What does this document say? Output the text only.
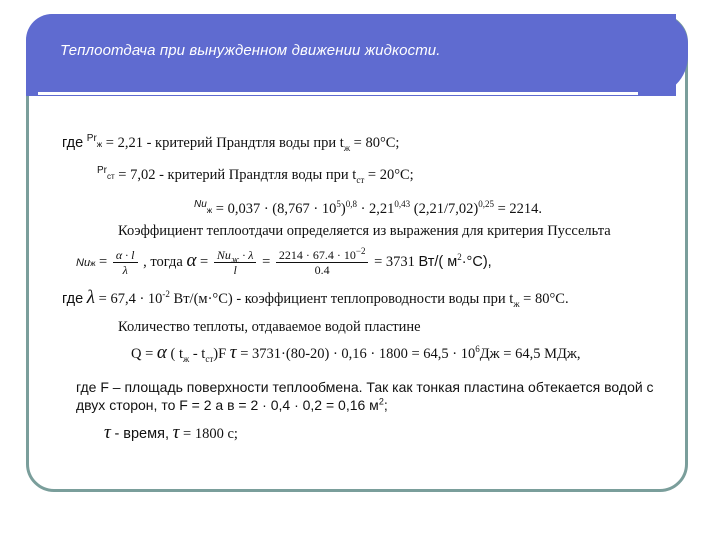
Теплоотдача при вынужденном движении жидкости.
где $^{Pr}$ж = 2,21 - критерий Прандтля воды при $t_ж = 80^\circ C$;
$^{Pr}$ст = 7,02 - критерий Прандтля воды при $t_{ст} = 20^\circ C$;
$^{Nu}ж = 0,037 \cdot (8,767 \cdot 10^5)^{0,8} \cdot 2,21^{0,43}$ $(2,21/7,02)^{0,25} = 2214$.
Коэффициент теплоотдачи определяется из выражения для критерия Пуссельта
Nuж = $\frac{\alpha \cdot l}{\lambda}$ , тогда $\alpha = \frac{Nu_ж \cdot \lambda}{l} = \frac{2214 \cdot 67.4 \cdot 10^{-2}}{0.4} = 3731$ Вт/( $м^2\cdot^\circ С$),
где $\lambda = 67,4 \cdot 10^{-2}$ Вт/(м·°С) - коэффициент теплопроводности воды при $t_ж = 80^\circ С$.
Количество теплоты, отдаваемое водой пластине
Q = α ( $t_ж - t_{ст})F$ $\tau = 3731\cdot(80-20) \cdot 0,16 \cdot 1800 = 64,5 \cdot 10^6Дж = 64,5$ МДж,
где F – площадь поверхности теплообмена. Так как тонкая пластина обтекается водой с
двух сторон, то F = 2 а в = 2 · 0,4 · 0,2 = 0,16 $м^2$;
τ - время, τ = 1800 с;
